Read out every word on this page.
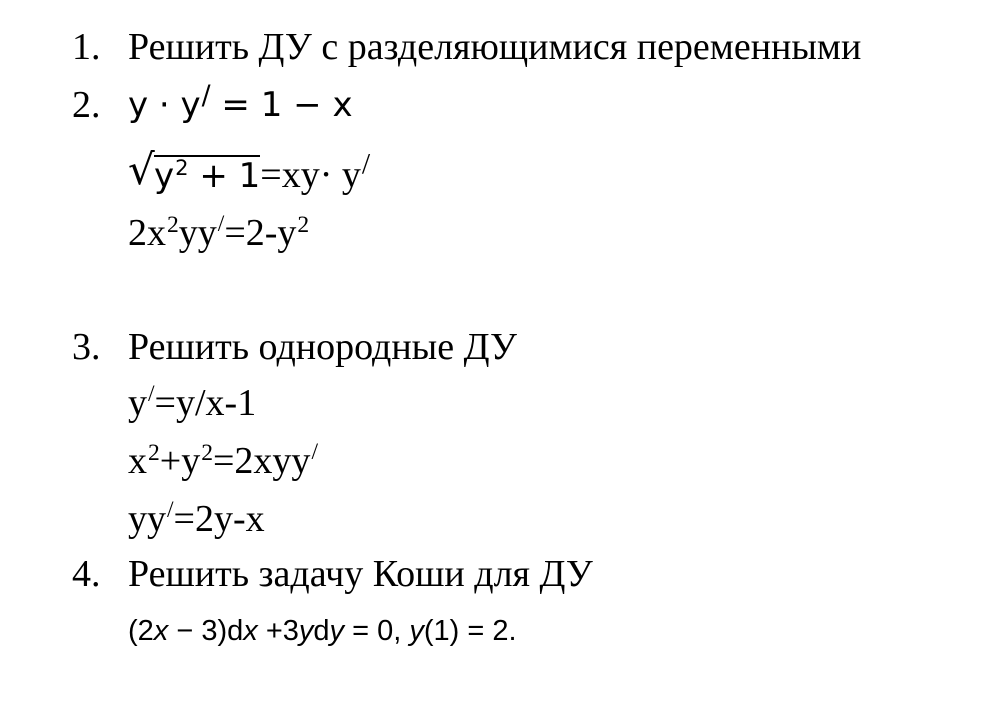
1. Решить ДУ с разделяющимися переменными
2. y · y/ = 1 − x
√ $y^2 + 1=xy\cdot y/$
$2x^2yy/=2-y^2$
3. Решить однородные ДУ
y/=y/x-1
$x^2+y^2=2xyy/$
yy/=2y-x
4. Решить задачу Коши для ДУ
(2x − 3)dx +3ydy = 0, y(1) = 2.
